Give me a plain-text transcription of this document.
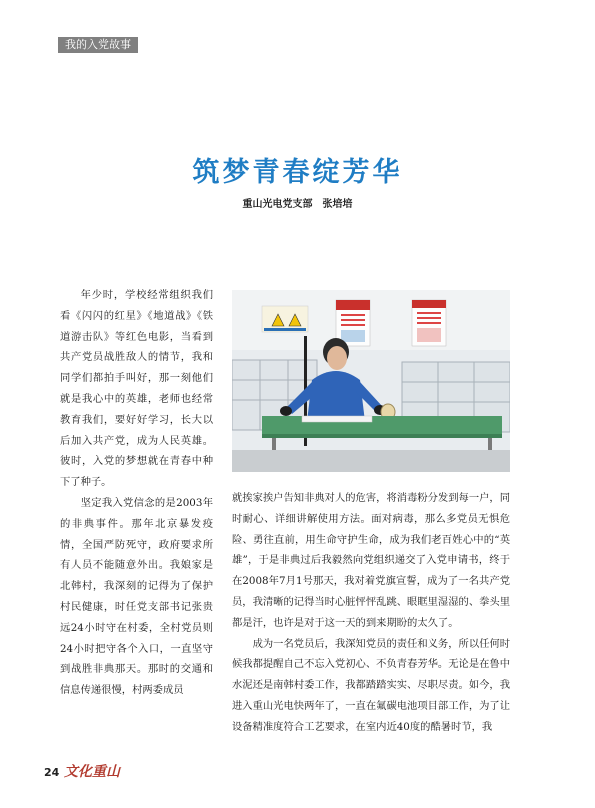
我的入党故事
筑梦青春绽芳华
重山光电党支部　张培培

年少时，学校经常组织我们看《闪闪的红星》《地道战》《铁道游击队》等红色电影，当看到共产党员战胜敌人的情节，我和同学们都拍手叫好，那一刻他们就是我心中的英雄，老师也经常教育我们，要好好学习，长大以后加入共产党，成为人民英雄。彼时，入党的梦想就在青春中种下了种子。

坚定我入党信念的是2003年的非典事件。那年北京暴发疫情，全国严防死守，政府要求所有人员不能随意外出。我娘家是北韩村，我深刻的记得为了保护村民健康，时任党支部书记张贵远24小时守在村委，全村党员则24小时把守各个入口，一直坚守到战胜非典那天。那时的交通和信息传递很慢，村两委成员

就挨家挨户告知非典对人的危害，将消毒粉分发到每一户，同时耐心、详细讲解使用方法。面对病毒，那么多党员无惧危险、勇往直前，用生命守护生命，成为我们老百姓心中的“英雄”，于是非典过后我毅然向党组织递交了入党申请书，终于在2008年7月1号那天，我对着党旗宣誓，成为了一名共产党员，我清晰的记得当时心脏怦怦乱跳、眼眶里湿湿的、拳头里都是汗，也许是对于这一天的到来期盼的太久了。

成为一名党员后，我深知党员的责任和义务，所以任何时候我都提醒自己不忘入党初心、不负青春芳华。无论是在鲁中水泥还是南韩村委工作，我都踏踏实实、尽职尽责。如今，我进入重山光电快两年了，一直在氟碳电池项目部工作，为了让设备精准度符合工艺要求，在室内近40度的酷暑时节，我

24 文化重山
